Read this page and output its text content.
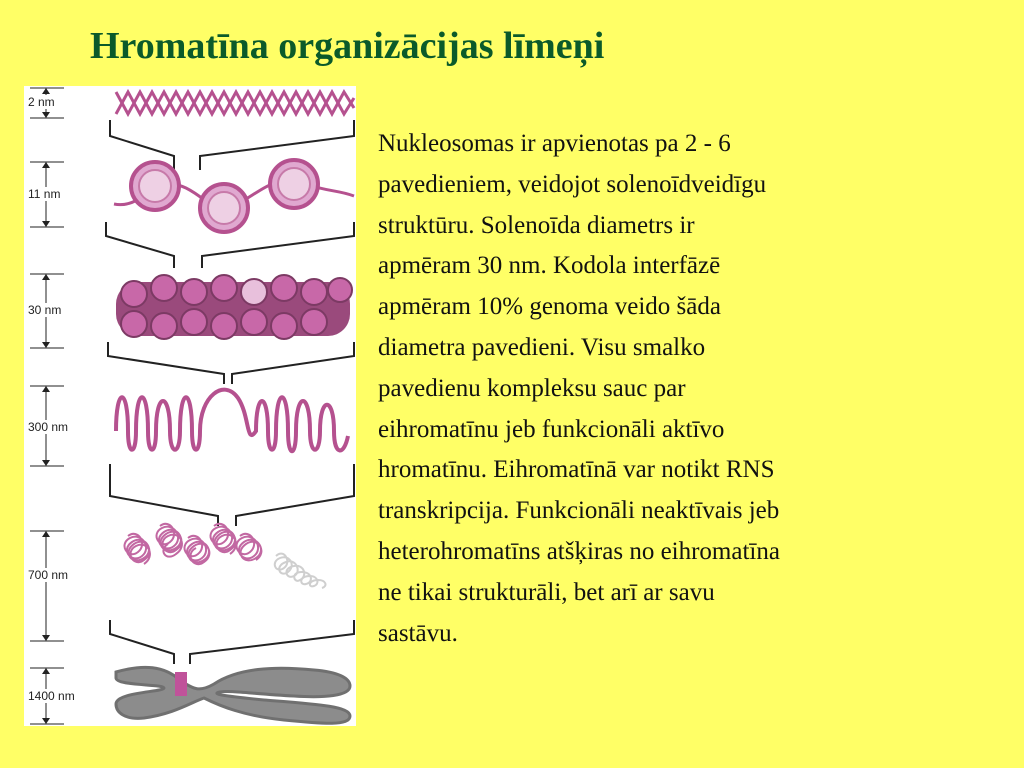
Hromatīna organizācijas līmeņi
2 nm
11 nm
30 nm
300 nm
700 nm
1400 nm

Nukleosomas ir apvienotas pa 2 - 6
pavedieniem, veidojot solenoīdveidīgu
struktūru. Solenoīda diametrs ir
apmēram 30 nm. Kodola interfāzē
apmēram 10% genoma veido šāda
diametra pavedieni. Visu smalko
pavedienu kompleksu sauc par
eihromatīnu jeb funkcionāli aktīvo
hromatīnu. Eihromatīnā var notikt RNS
transkripcija. Funkcionāli neaktīvais jeb
heterohromatīns atšķiras no eihromatīna
ne tikai strukturāli, bet arī ar savu
sastāvu.
